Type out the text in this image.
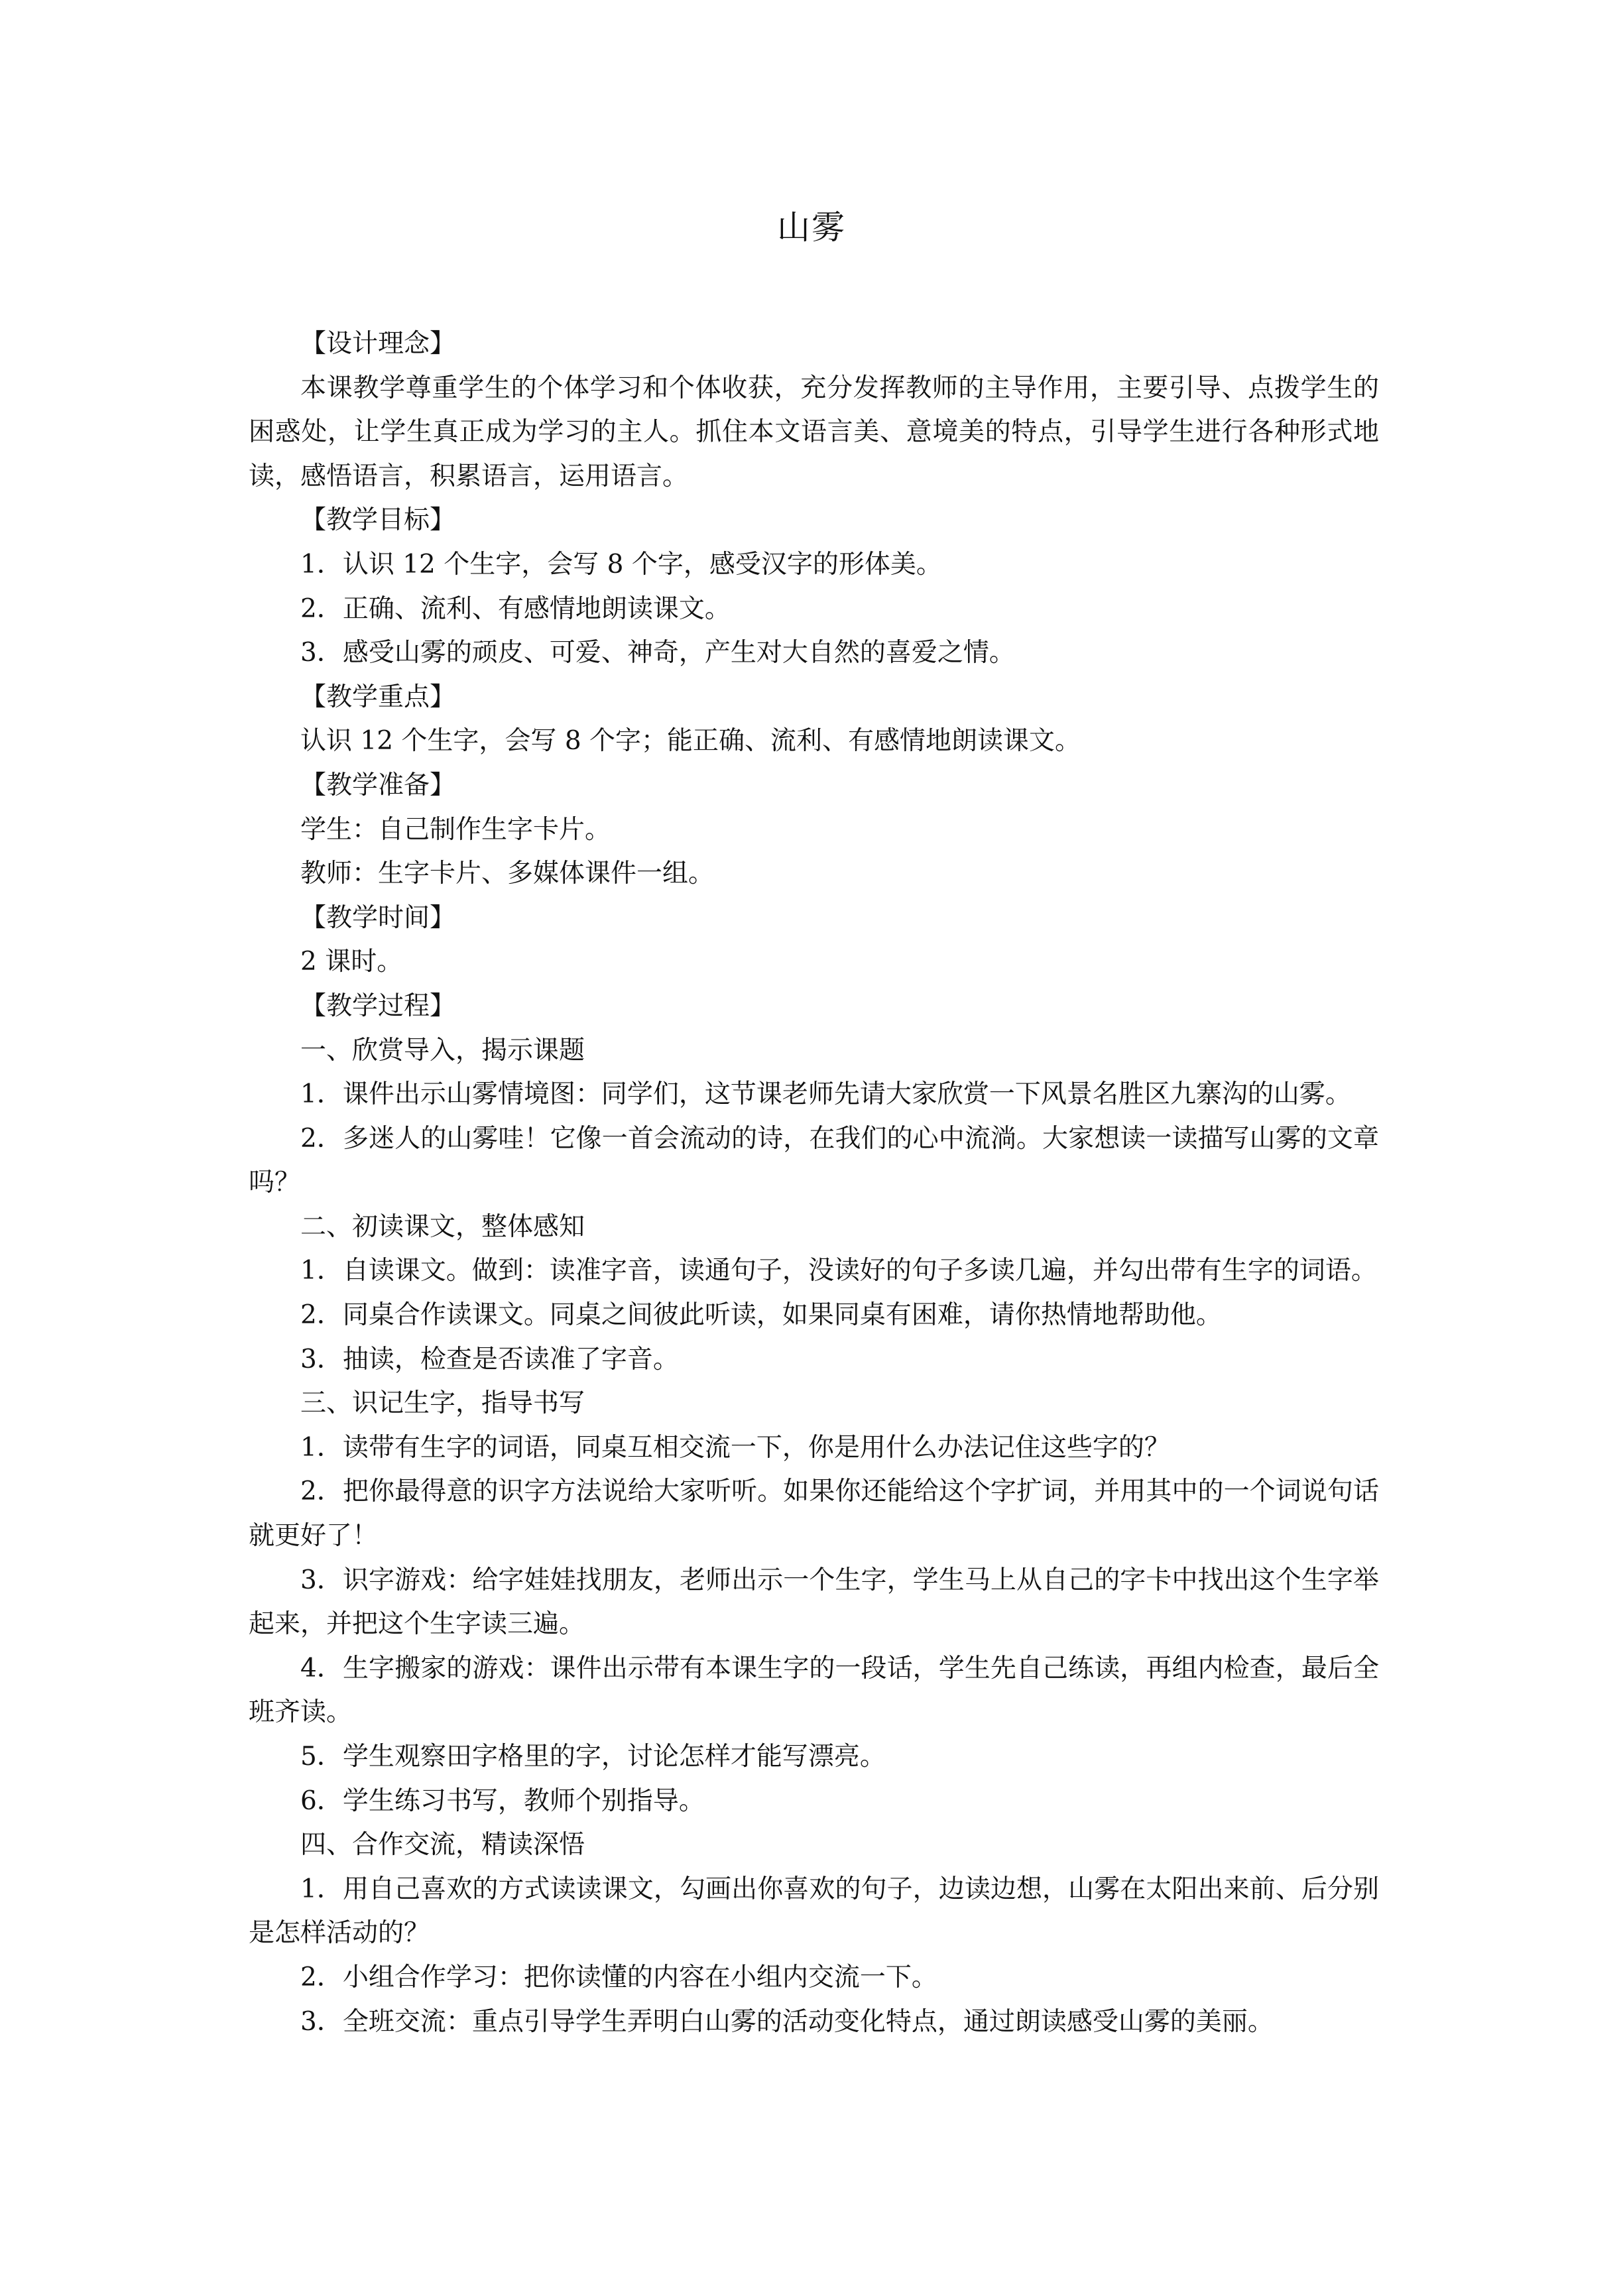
山雾

【设计理念】

本课教学尊重学生的个体学习和个体收获，充分发挥教师的主导作用，主要引导、点拨学生的困惑处，让学生真正成为学习的主人。抓住本文语言美、意境美的特点，引导学生进行各种形式地读，感悟语言，积累语言，运用语言。

【教学目标】

1．认识 12 个生字，会写 8 个字，感受汉字的形体美。

2．正确、流利、有感情地朗读课文。

3．感受山雾的顽皮、可爱、神奇，产生对大自然的喜爱之情。

【教学重点】

认识 12 个生字，会写 8 个字；能正确、流利、有感情地朗读课文。

【教学准备】

学生：自己制作生字卡片。

教师：生字卡片、多媒体课件一组。

【教学时间】

2 课时。

【教学过程】

一、欣赏导入，揭示课题

1．课件出示山雾情境图：同学们，这节课老师先请大家欣赏一下风景名胜区九寨沟的山雾。

2．多迷人的山雾哇！它像一首会流动的诗，在我们的心中流淌。大家想读一读描写山雾的文章吗？

二、初读课文，整体感知

1．自读课文。做到：读准字音，读通句子，没读好的句子多读几遍，并勾出带有生字的词语。

2．同桌合作读课文。同桌之间彼此听读，如果同桌有困难，请你热情地帮助他。

3．抽读，检查是否读准了字音。

三、识记生字，指导书写

1．读带有生字的词语，同桌互相交流一下，你是用什么办法记住这些字的？

2．把你最得意的识字方法说给大家听听。如果你还能给这个字扩词，并用其中的一个词说句话就更好了！

3．识字游戏：给字娃娃找朋友，老师出示一个生字，学生马上从自己的字卡中找出这个生字举起来，并把这个生字读三遍。

4．生字搬家的游戏：课件出示带有本课生字的一段话，学生先自己练读，再组内检查，最后全班齐读。

5．学生观察田字格里的字，讨论怎样才能写漂亮。

6．学生练习书写，教师个别指导。

四、合作交流，精读深悟

1．用自己喜欢的方式读读课文，勾画出你喜欢的句子，边读边想，山雾在太阳出来前、后分别是怎样活动的？

2．小组合作学习：把你读懂的内容在小组内交流一下。

3．全班交流：重点引导学生弄明白山雾的活动变化特点，通过朗读感受山雾的美丽。
